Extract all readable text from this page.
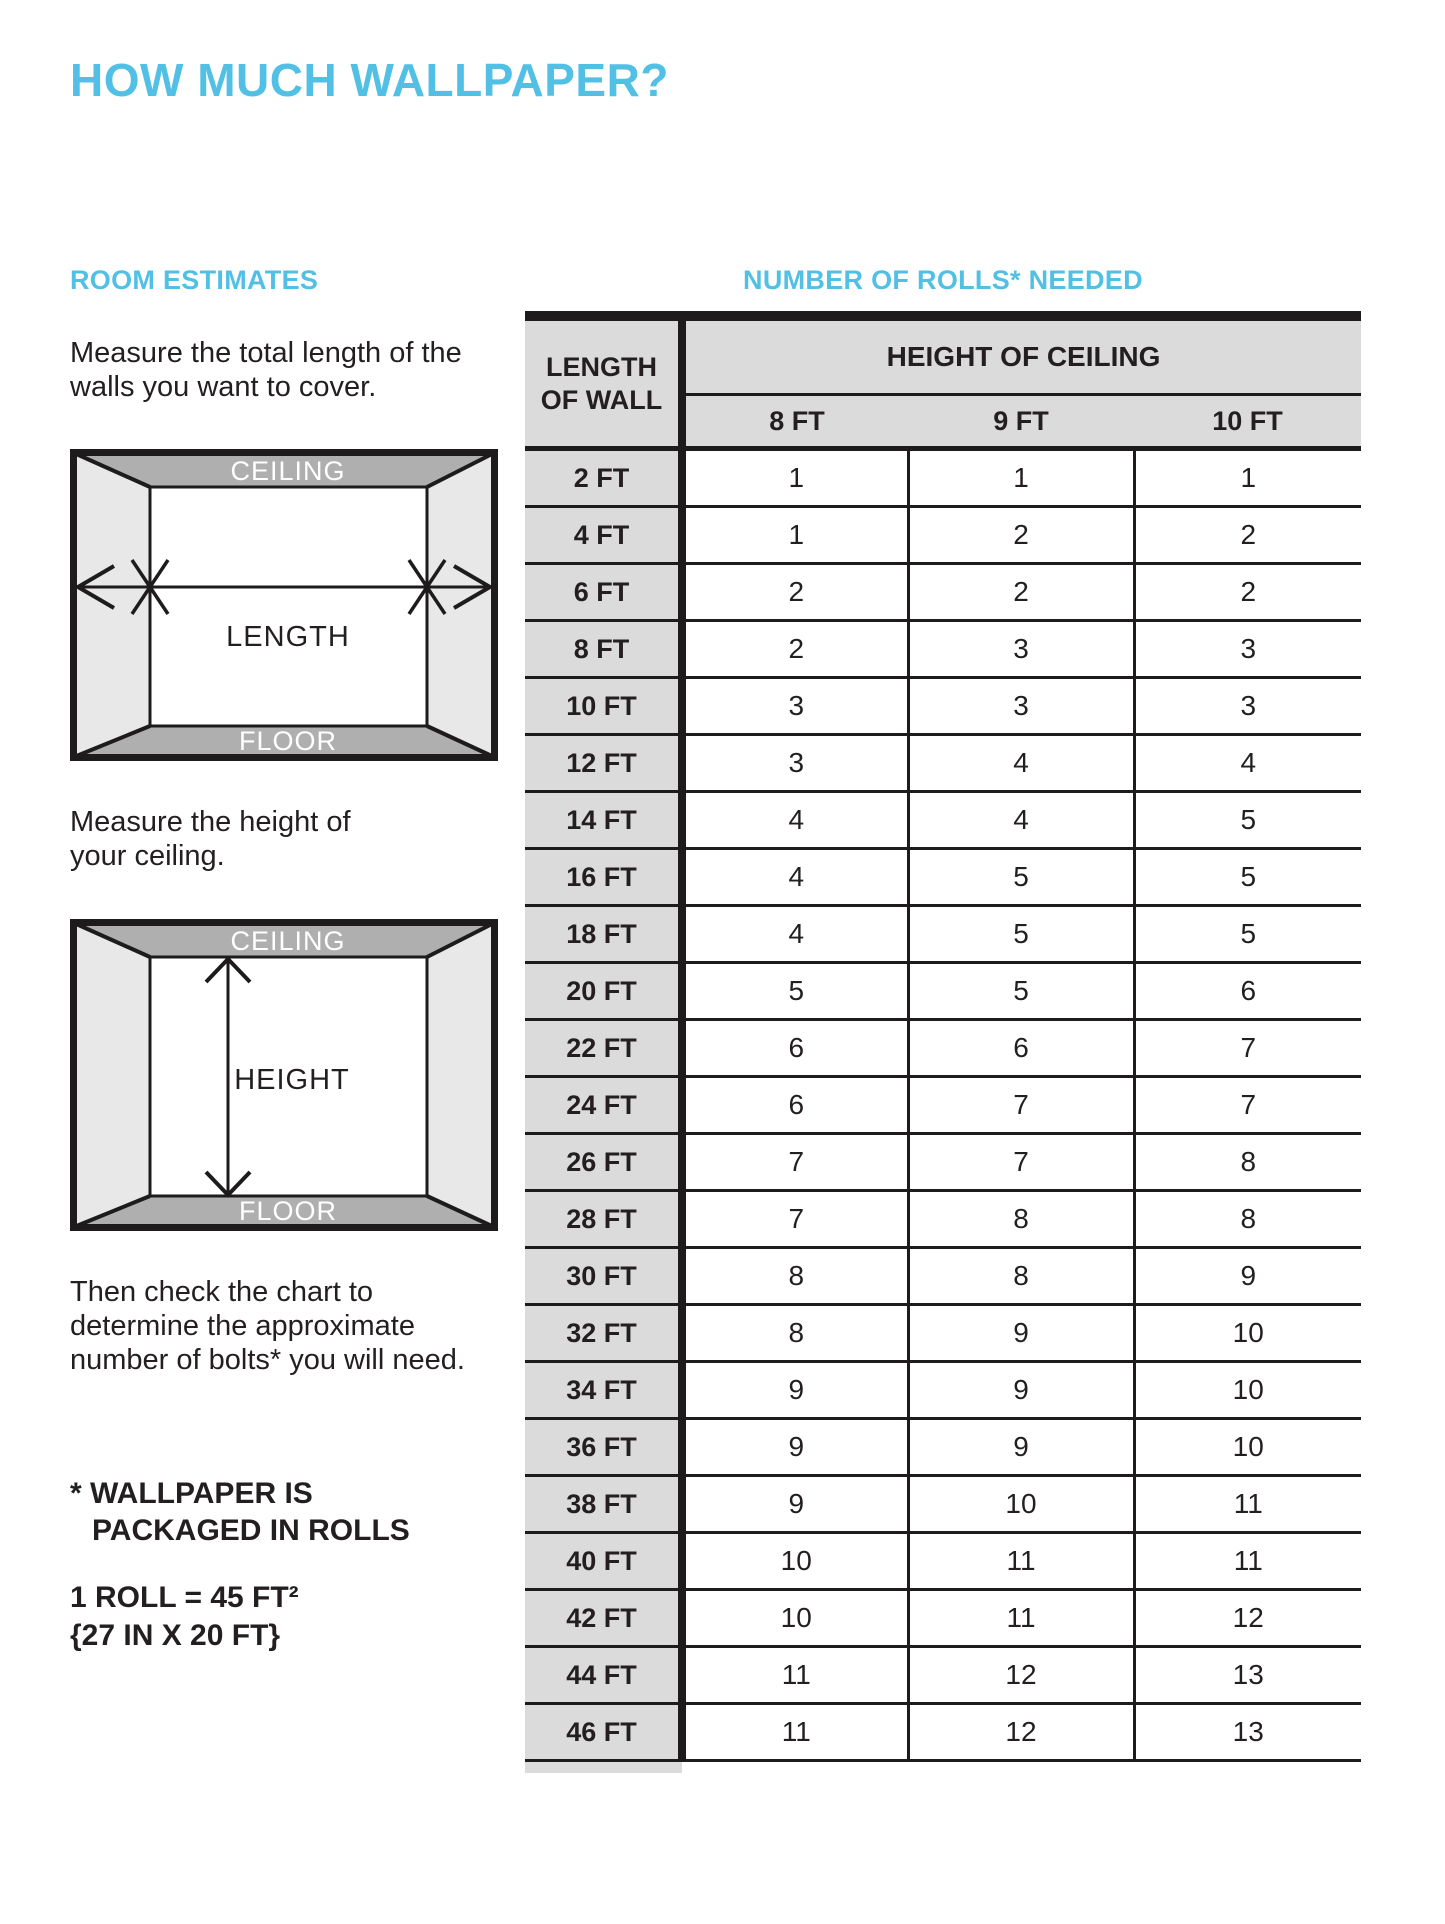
HOW MUCH WALLPAPER?
ROOM ESTIMATES

Measure the total length of the walls you want to cover.

CEILING
FLOOR
LENGTH

Measure the height of your ceiling.

CEILING
FLOOR
HEIGHT

Then check the chart to determine the approximate number of bolts* you will need.

* WALLPAPER IS
PACKAGED IN ROLLS

1 ROLL = 45 FT²
{27 IN X 20 FT}

NUMBER OF ROLLS* NEEDED
LENGTH OF WALL	HEIGHT OF CEILING		
	8 FT	9 FT	10 FT
2 FT	1	1	1
4 FT	1	2	2
6 FT	2	2	2
8 FT	2	3	3
10 FT	3	3	3
12 FT	3	4	4
14 FT	4	4	5
16 FT	4	5	5
18 FT	4	5	5
20 FT	5	5	6
22 FT	6	6	7
24 FT	6	7	7
26 FT	7	7	8
28 FT	7	8	8
30 FT	8	8	9
32 FT	8	9	10
34 FT	9	9	10
36 FT	9	9	10
38 FT	9	10	11
40 FT	10	11	11
42 FT	10	11	12
44 FT	11	12	13
46 FT	11	12	13
